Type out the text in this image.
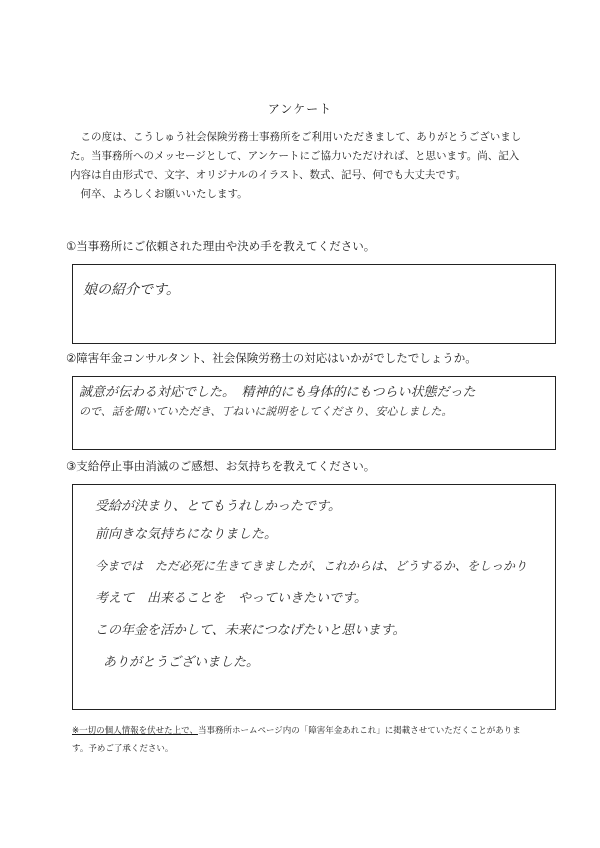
アンケート

　この度は、こうしゅう社会保険労務士事務所をご利用いただきまして、ありがとうございまし

た。当事務所へのメッセージとして、アンケートにご協力いただければ、と思います。尚、記入

内容は自由形式で、文字、オリジナルのイラスト、数式、記号、何でも大丈夫です。

　何卒、よろしくお願いいたします。

①当事務所にご依頼された理由や決め手を教えてください。
娘の紹介です。
②障害年金コンサルタント、社会保険労務士の対応はいかがでしたでしょうか。
誠意が伝わる対応でした。　精神的にも身体的にもつらい状態だった
ので、話を聞いていただき、丁ねいに説明をしてくださり、安心しました。
③支給停止事由消滅のご感想、お気持ちを教えてください。
受給が決まり、とてもうれしかったです。
前向きな気持ちになりました。
今までは　ただ必死に生きてきましたが、これからは、どうするか、をしっかり
考えて　出来ることを　やっていきたいです。
この年金を活かして、未来につなげたいと思います。
ありがとうございました。

※一切の個人情報を伏せた上で、当事務所ホームページ内の「障害年金あれこれ」に掲載させていただくことがありま

す。予めご了承ください。
